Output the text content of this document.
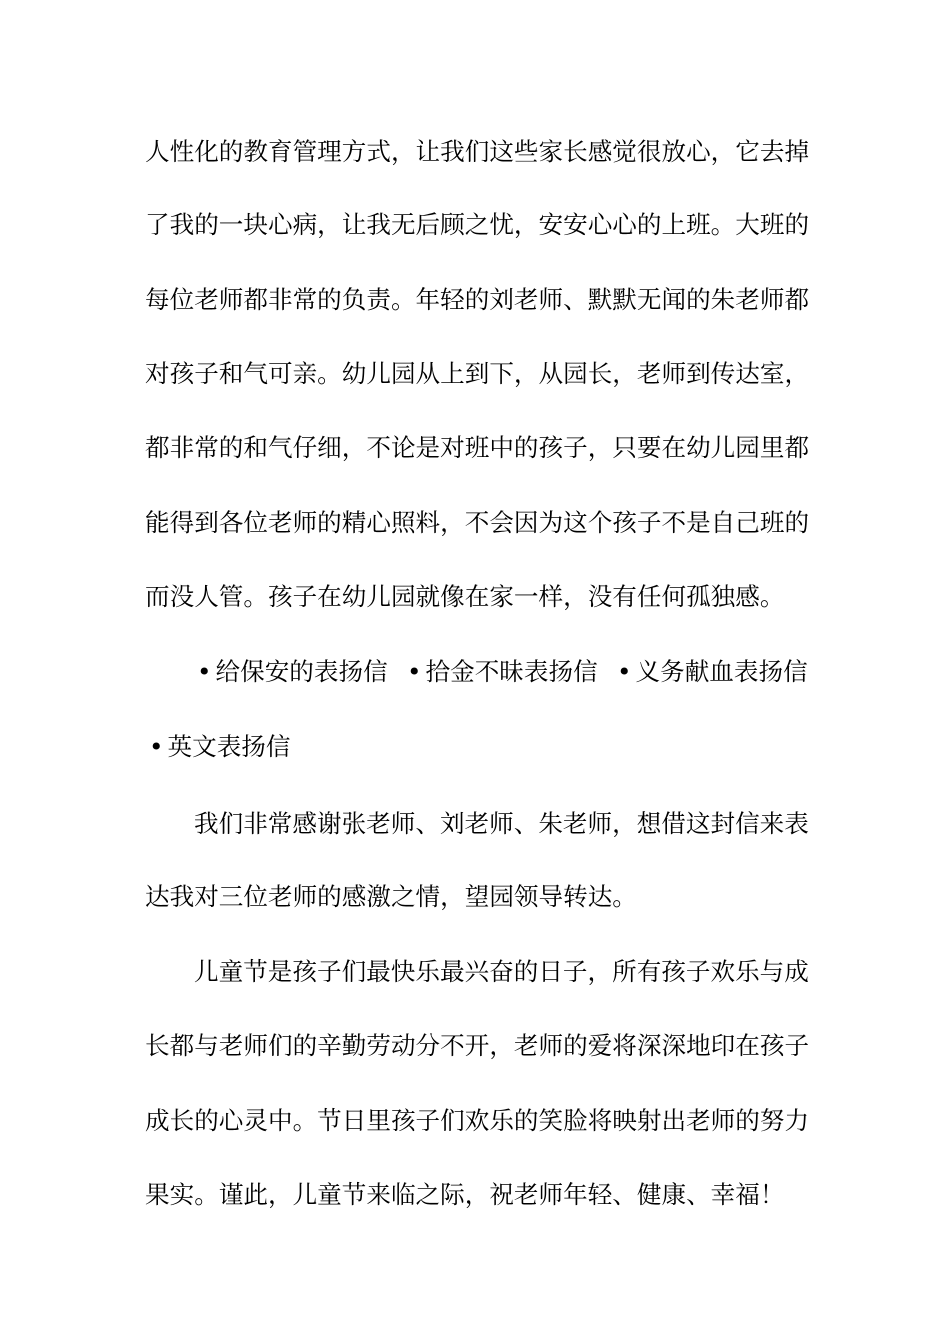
人性化的教育管理方式，让我们这些家长感觉很放心，它去掉
了我的一块心病，让我无后顾之忧，安安心心的上班。大班的
每位老师都非常的负责。年轻的刘老师、默默无闻的朱老师都
对孩子和气可亲。幼儿园从上到下，从园长，老师到传达室，
都非常的和气仔细，不论是对班中的孩子，只要在幼儿园里都
能得到各位老师的精心照料，不会因为这个孩子不是自己班的
而没人管。孩子在幼儿园就像在家一样，没有任何孤独感。
• 给保安的表扬信 • 拾金不昧表扬信 • 义务献血表扬信
• 英文表扬信
我们非常感谢张老师、刘老师、朱老师，想借这封信来表
达我对三位老师的感激之情，望园领导转达。
儿童节是孩子们最快乐最兴奋的日子，所有孩子欢乐与成
长都与老师们的辛勤劳动分不开，老师的爱将深深地印在孩子
成长的心灵中。节日里孩子们欢乐的笑脸将映射出老师的努力
果实。谨此，儿童节来临之际，祝老师年轻、健康、幸福！
